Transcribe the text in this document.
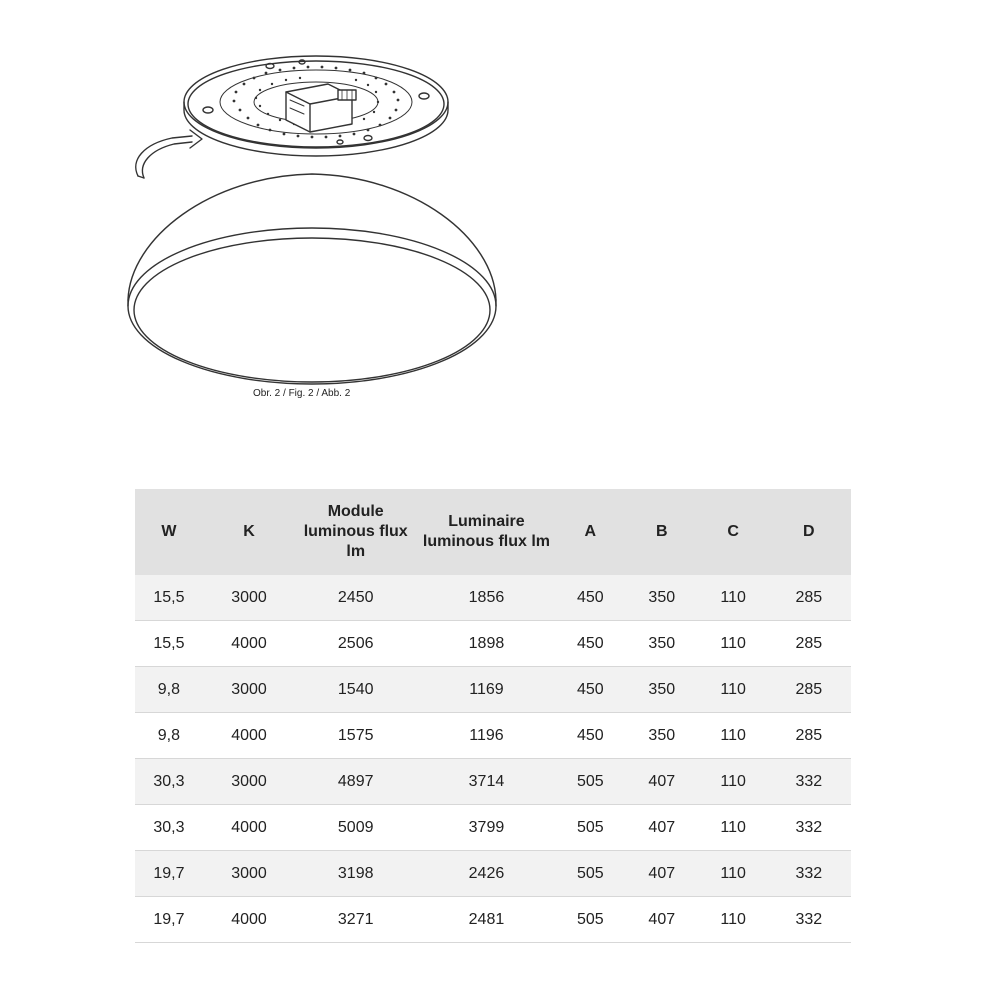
Obr. 2 / Fig. 2 / Abb. 2
W	K	Module luminous flux lm	Luminaire luminous flux lm	A	B	C	D
15,5	3000	2450	1856	450	350	110	285
15,5	4000	2506	1898	450	350	110	285
9,8	3000	1540	1169	450	350	110	285
9,8	4000	1575	1196	450	350	110	285
30,3	3000	4897	3714	505	407	110	332
30,3	4000	5009	3799	505	407	110	332
19,7	3000	3198	2426	505	407	110	332
19,7	4000	3271	2481	505	407	110	332
